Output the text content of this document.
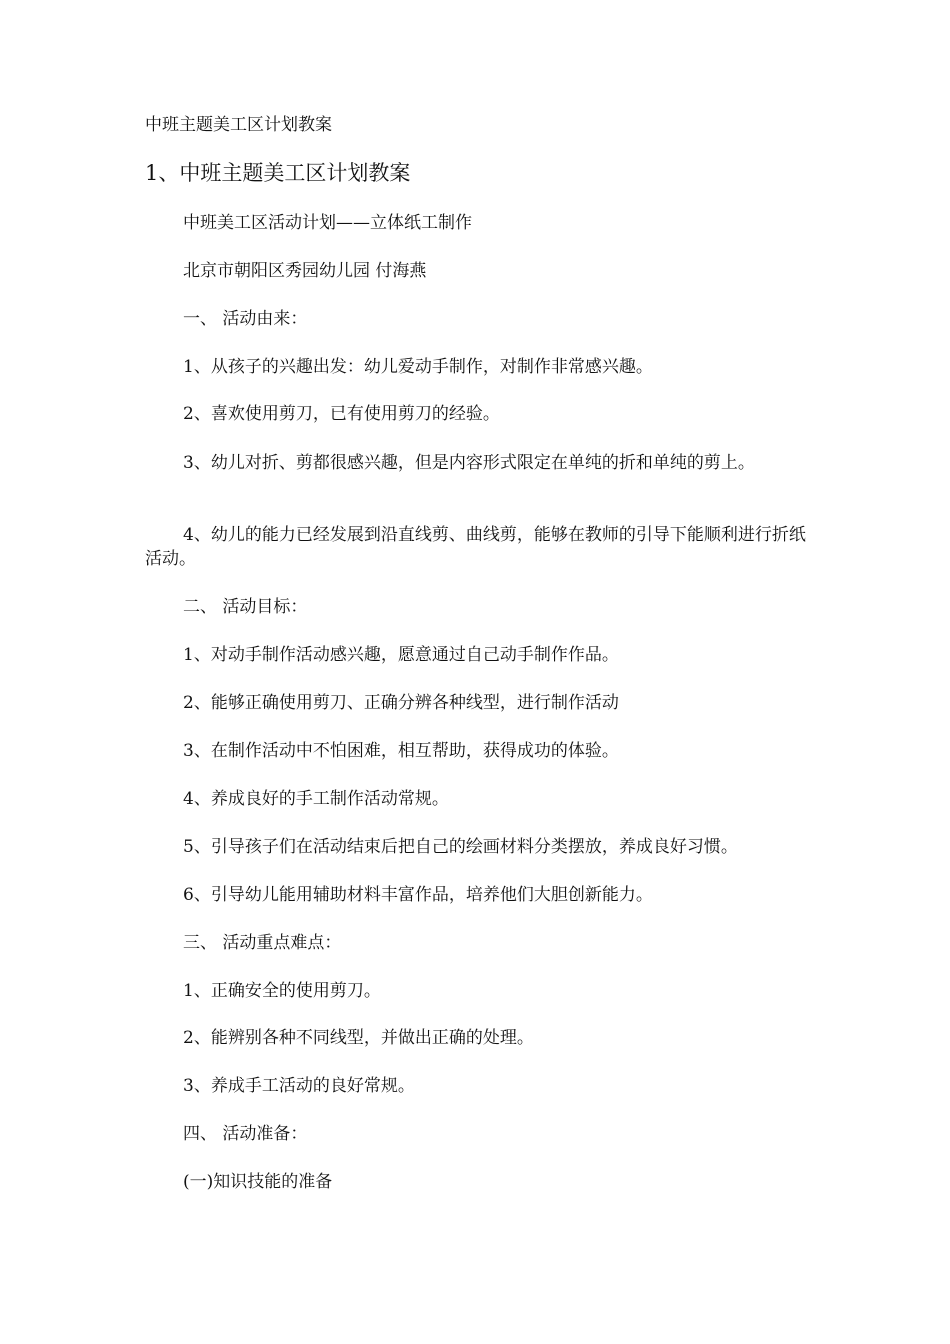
中班主题美工区计划教案
1、中班主题美工区计划教案
中班美工区活动计划——立体纸工制作
北京市朝阳区秀园幼儿园 付海燕
一、 活动由来：
1、从孩子的兴趣出发：幼儿爱动手制作，对制作非常感兴趣。
2、喜欢使用剪刀，已有使用剪刀的经验。
3、幼儿对折、剪都很感兴趣，但是内容形式限定在单纯的折和单纯的剪上。
4、幼儿的能力已经发展到沿直线剪、曲线剪，能够在教师的引导下能顺利进行折纸活动。
二、 活动目标：
1、对动手制作活动感兴趣，愿意通过自己动手制作作品。
2、能够正确使用剪刀、正确分辨各种线型，进行制作活动
3、在制作活动中不怕困难，相互帮助，获得成功的体验。
4、养成良好的手工制作活动常规。
5、引导孩子们在活动结束后把自己的绘画材料分类摆放，养成良好习惯。
6、引导幼儿能用辅助材料丰富作品，培养他们大胆创新能力。
三、 活动重点难点：
1、正确安全的使用剪刀。
2、能辨别各种不同线型，并做出正确的处理。
3、养成手工活动的良好常规。
四、 活动准备：
(一)知识技能的准备
